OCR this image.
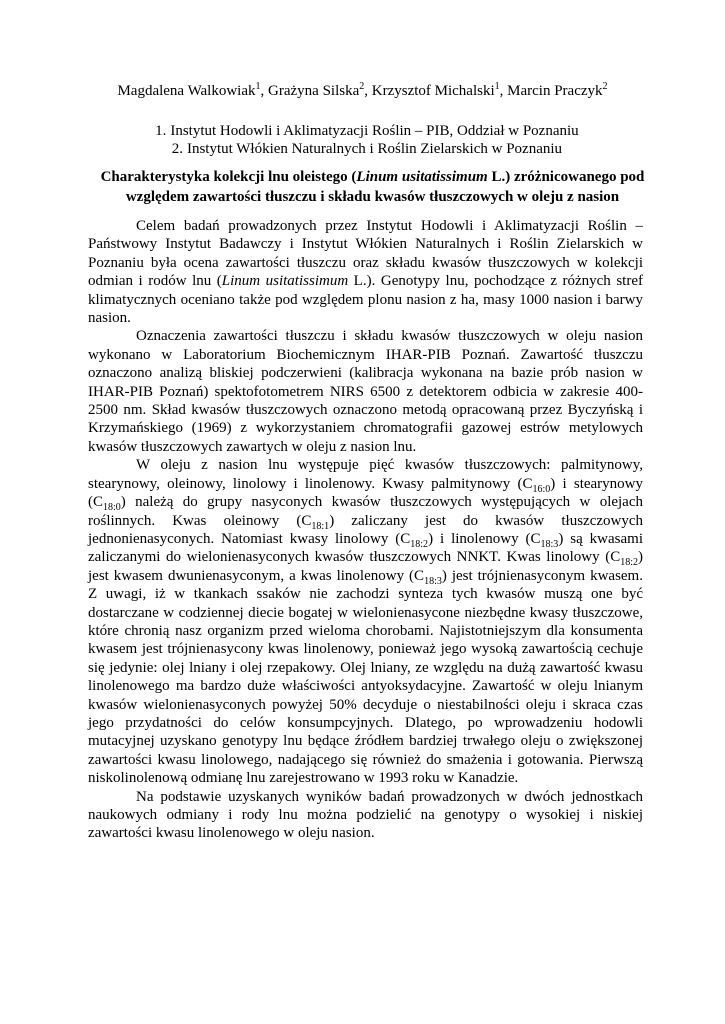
Magdalena Walkowiak$^1$, Grażyna Silska$^2$, Krzysztof Michalski$^1$, Marcin Praczyk$^2$

1. Instytut Hodowli i Aklimatyzacji Roślin – PIB, Oddział w Poznaniu

2. Instytut Włókien Naturalnych i Roślin Zielarskich w Poznaniu

Charakterystyka kolekcji lnu oleistego (Linum usitatissimum L.) zróżnicowanego pod względem zawartości tłuszczu i składu kwasów tłuszczowych w oleju z nasion

Celem badań prowadzonych przez Instytut Hodowli i Aklimatyzacji Roślin – Państwowy Instytut Badawczy i Instytut Włókien Naturalnych i Roślin Zielarskich w Poznaniu była ocena zawartości tłuszczu oraz składu kwasów tłuszczowych w kolekcji odmian i rodów lnu (Linum usitatissimum L.). Genotypy lnu, pochodzące z różnych stref klimatycznych oceniano także pod względem plonu nasion z ha, masy 1000 nasion i barwy nasion.

Oznaczenia zawartości tłuszczu i składu kwasów tłuszczowych w oleju nasion wykonano w Laboratorium Biochemicznym IHAR-PIB Poznań. Zawartość tłuszczu oznaczono analizą bliskiej podczerwieni (kalibracja wykonana na bazie prób nasion w IHAR-PIB Poznań) spektofotometrem NIRS 6500 z detektorem odbicia w zakresie 400-2500 nm. Skład kwasów tłuszczowych oznaczono metodą opracowaną przez Byczyńską i Krzymańskiego (1969) z wykorzystaniem chromatografii gazowej estrów metylowych kwasów tłuszczowych zawartych w oleju z nasion lnu.

W oleju z nasion lnu występuje pięć kwasów tłuszczowych: palmitynowy, stearynowy, oleinowy, linolowy i linolenowy. Kwasy palmitynowy $(C_{16:0})$ i stearynowy $(C_{18:0})$ należą do grupy nasyconych kwasów tłuszczowych występujących w olejach roślinnych. Kwas oleinowy $(C_{18:1})$ zaliczany jest do kwasów tłuszczowych jednonienasyconych. Natomiast kwasy linolowy $(C_{18:2})$ i linolenowy $(C_{18:3})$ są kwasami zaliczanymi do wielonienasyconych kwasów tłuszczowych NNKT. Kwas linolowy $(C_{18:2})$ jest kwasem dwunienasyconym, a kwas linolenowy $(C_{18:3})$ jest trójnienasyconym kwasem. Z uwagi, iż w tkankach ssaków nie zachodzi synteza tych kwasów muszą one być dostarczane w codziennej diecie bogatej w wielonienasycone niezbędne kwasy tłuszczowe, które chronią nasz organizm przed wieloma chorobami. Najistotniejszym dla konsumenta kwasem jest trójnienasycony kwas linolenowy, ponieważ jego wysoką zawartością cechuje się jedynie: olej lniany i olej rzepakowy. Olej lniany, ze względu na dużą zawartość kwasu linolenowego ma bardzo duże właściwości antyoksydacyjne. Zawartość w oleju lnianym kwasów wielonienasyconych powyżej 50% decyduje o niestabilności oleju i skraca czas jego przydatności do celów konsumpcyjnych. Dlatego, po wprowadzeniu hodowli mutacyjnej uzyskano genotypy lnu będące źródłem bardziej trwałego oleju o zwiększonej zawartości kwasu linolowego, nadającego się również do smażenia i gotowania. Pierwszą niskolinolenową odmianę lnu zarejestrowano w 1993 roku w Kanadzie.

Na podstawie uzyskanych wyników badań prowadzonych w dwóch jednostkach naukowych odmiany i rody lnu można podzielić na genotypy o wysokiej i niskiej zawartości kwasu linolenowego w oleju nasion.
